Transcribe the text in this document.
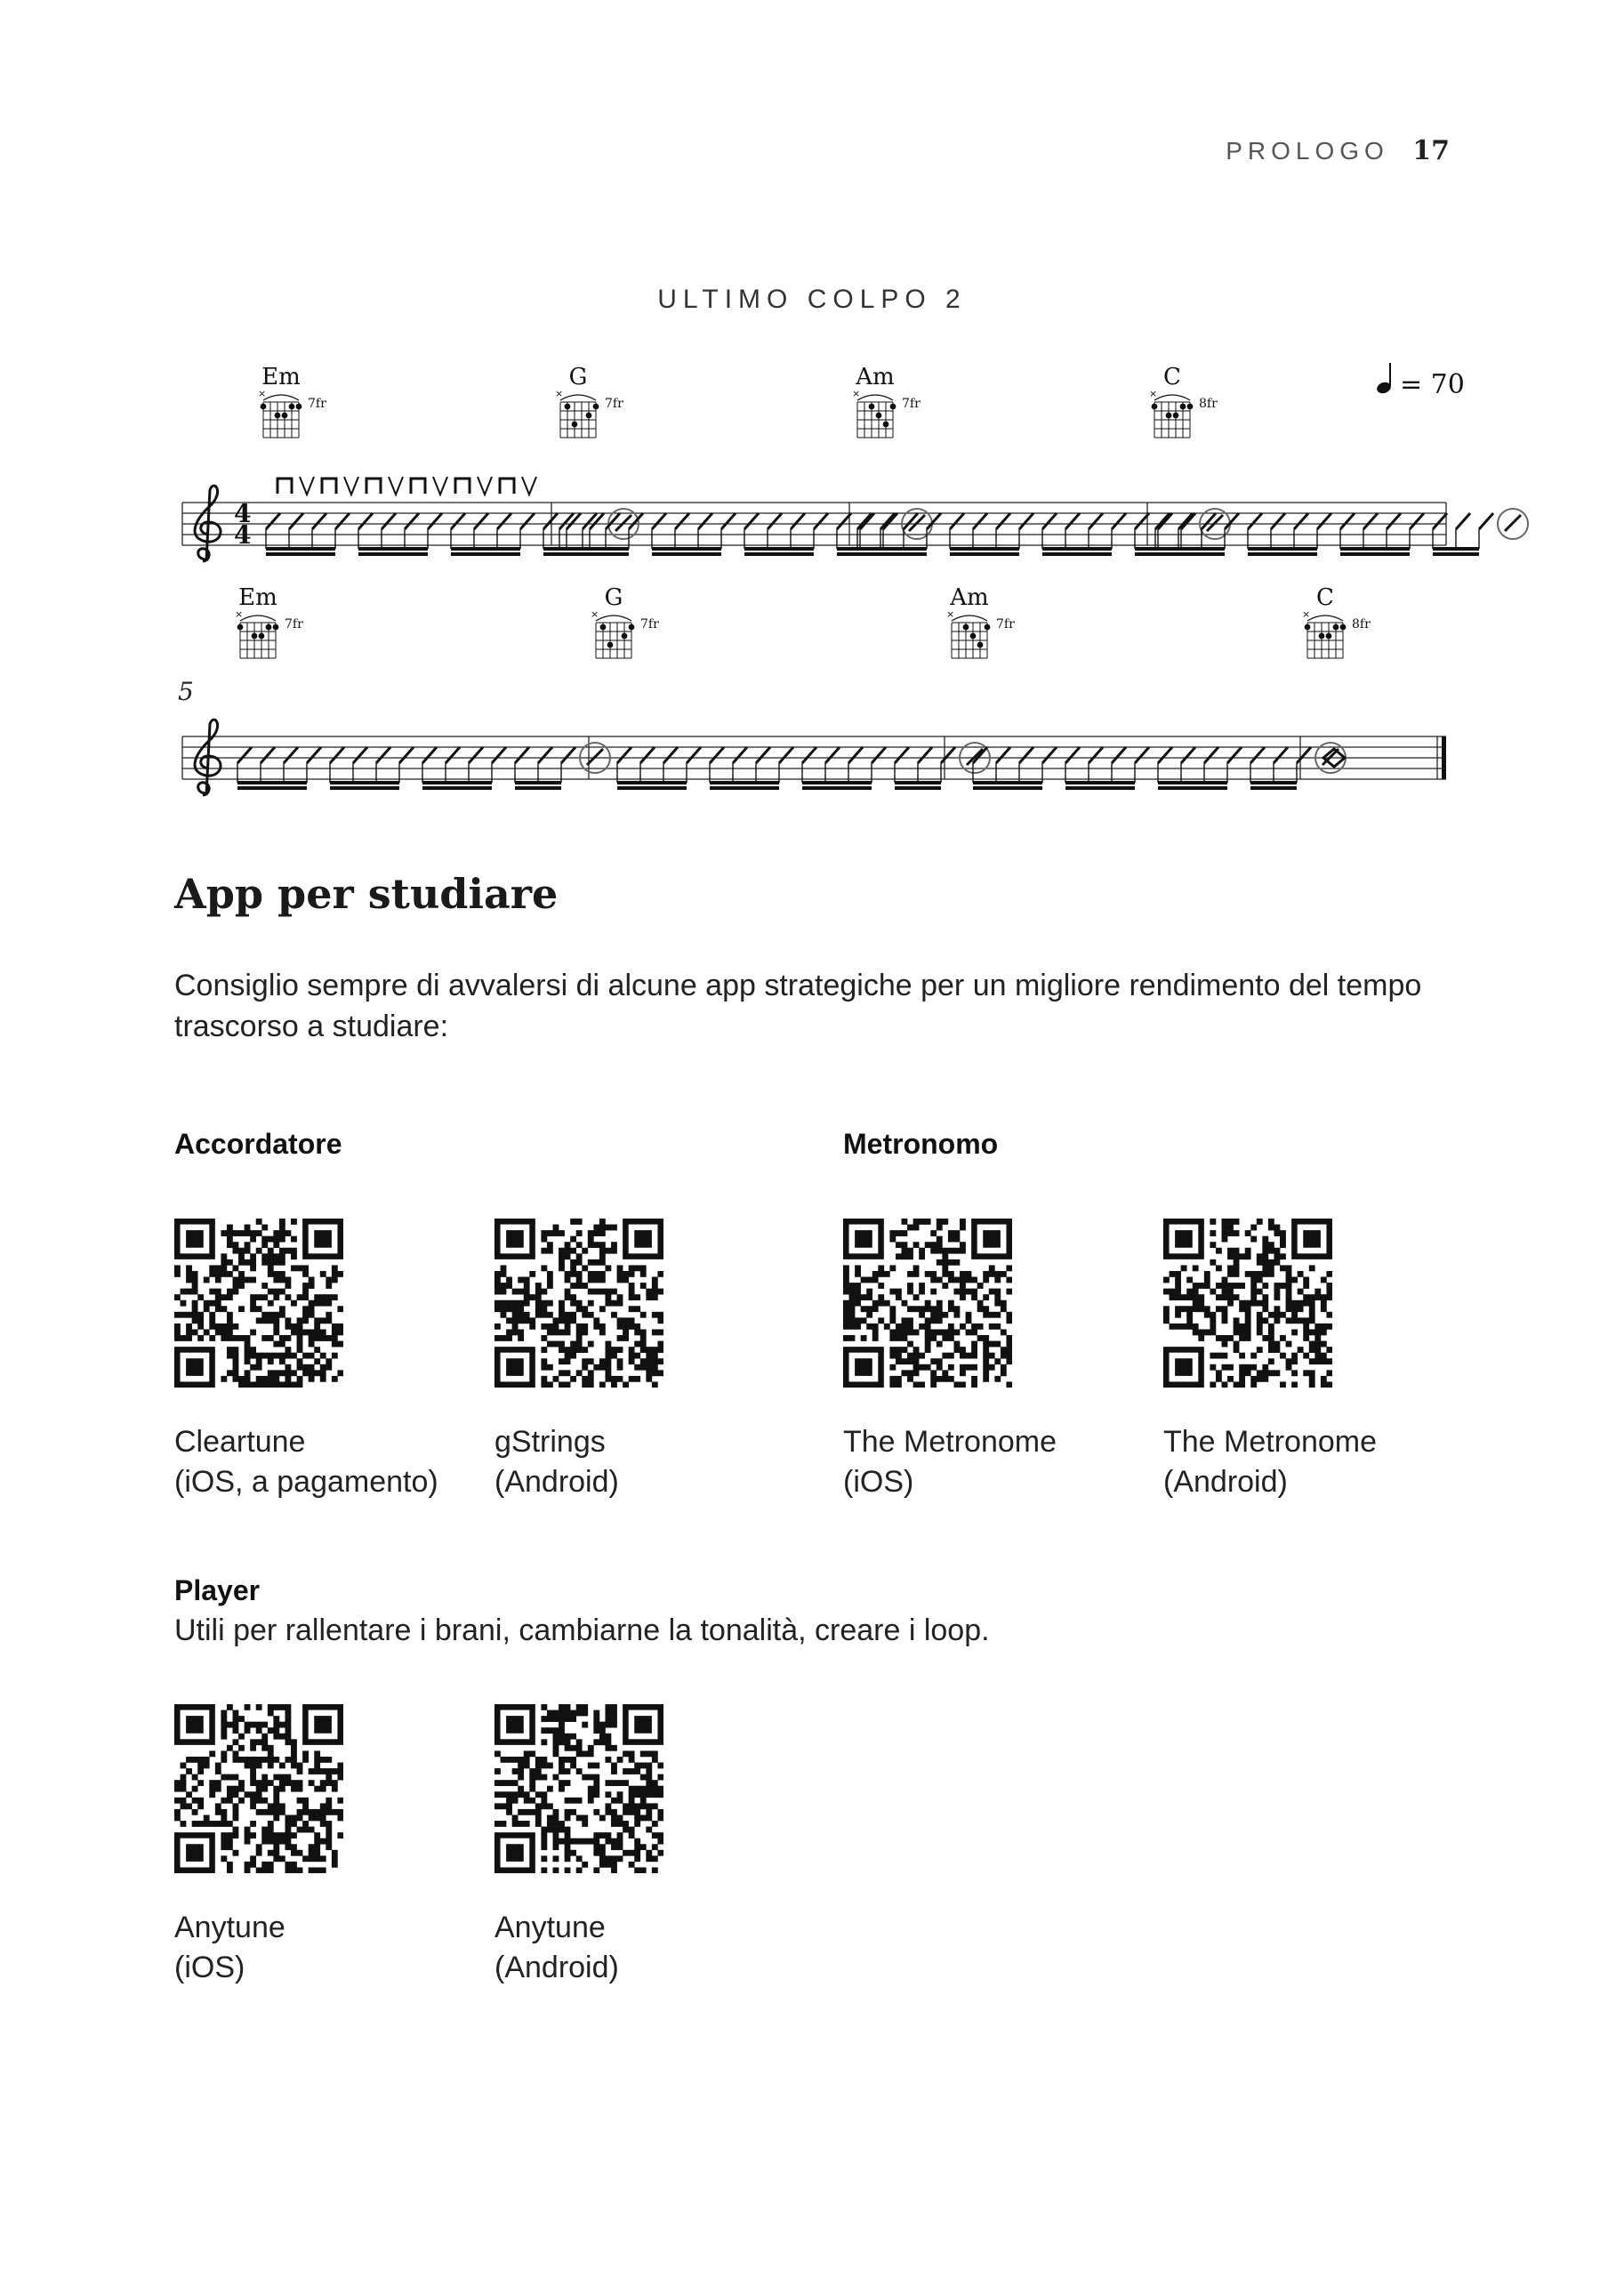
PROLOGO 17
ULTIMO COLPO 2
4
4
×	×	×	×
×	×	×	×
= 70
5
Em
7fr
G
7fr
Am
7fr
C
8fr
Em
7fr
G
7fr
Am
7fr
C
8fr
App per studiare
Consiglio sempre di avvalersi di alcune app strategiche per un migliore rendimento del tempo trascorso a studiare:
Accordatore	Metronomo
Player
Utili per rallentare i brani, cambiarne la tonalità, creare i loop.
Cleartune
(iOS, a pagamento)
gStrings
(Android)
The Metronome
(iOS)
The Metronome
(Android)
Anytune
(iOS)
Anytune
(Android)
